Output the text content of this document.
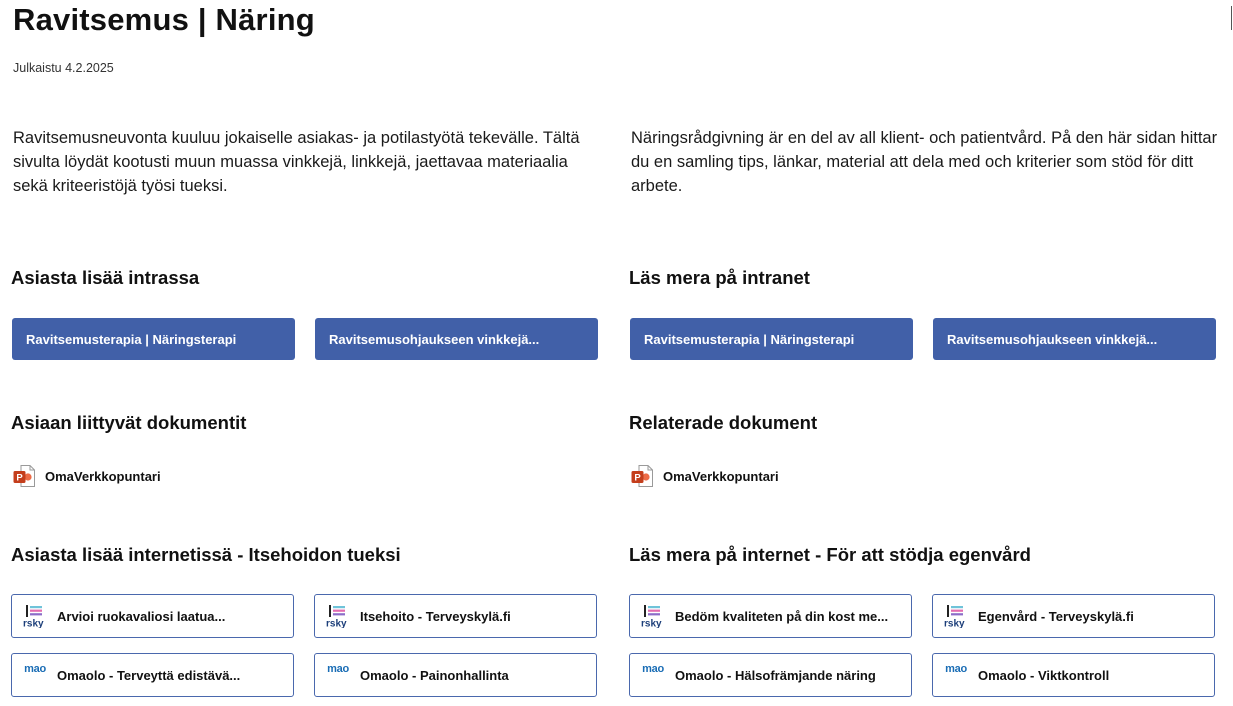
Ravitsemus | Näring
Julkaistu 4.2.2025

Ravitsemusneuvonta kuuluu jokaiselle asiakas- ja potilastyötä tekevälle. Tältä sivulta löydät kootusti muun muassa vinkkejä, linkkejä, jaettavaa materiaalia sekä kriteeristöjä työsi tueksi.

Näringsrådgivning är en del av all klient- och patientvård. På den här sidan hittar du en samling tips, länkar, material att dela med och kriterier som stöd för ditt arbete.

Asiasta lisää intrassa	Läs mera på intranet
Ravitsemusterapia | Näringsterapi	Ravitsemusohjaukseen vinkkejä...	Ravitsemusterapia | Näringsterapi	Ravitsemusohjaukseen vinkkejä...
Asiaan liittyvät dokumentit	Relaterade dokument
P OmaVerkkopuntari	P OmaVerkkopuntari
Asiasta lisää internetissä - Itsehoidon tueksi	Läs mera på internet - För att stödja egenvård
rsky
Arvioi ruokavaliosi laatua...
rsky
Itsehoito - Terveyskylä.fi
mao Omaolo - Terveyttä edistävä...	mao Omaolo - Painonhallinta
rsky
Bedöm kvaliteten på din kost me...
rsky
Egenvård - Terveyskylä.fi
mao Omaolo - Hälsofrämjande näring	mao Omaolo - Viktkontroll
